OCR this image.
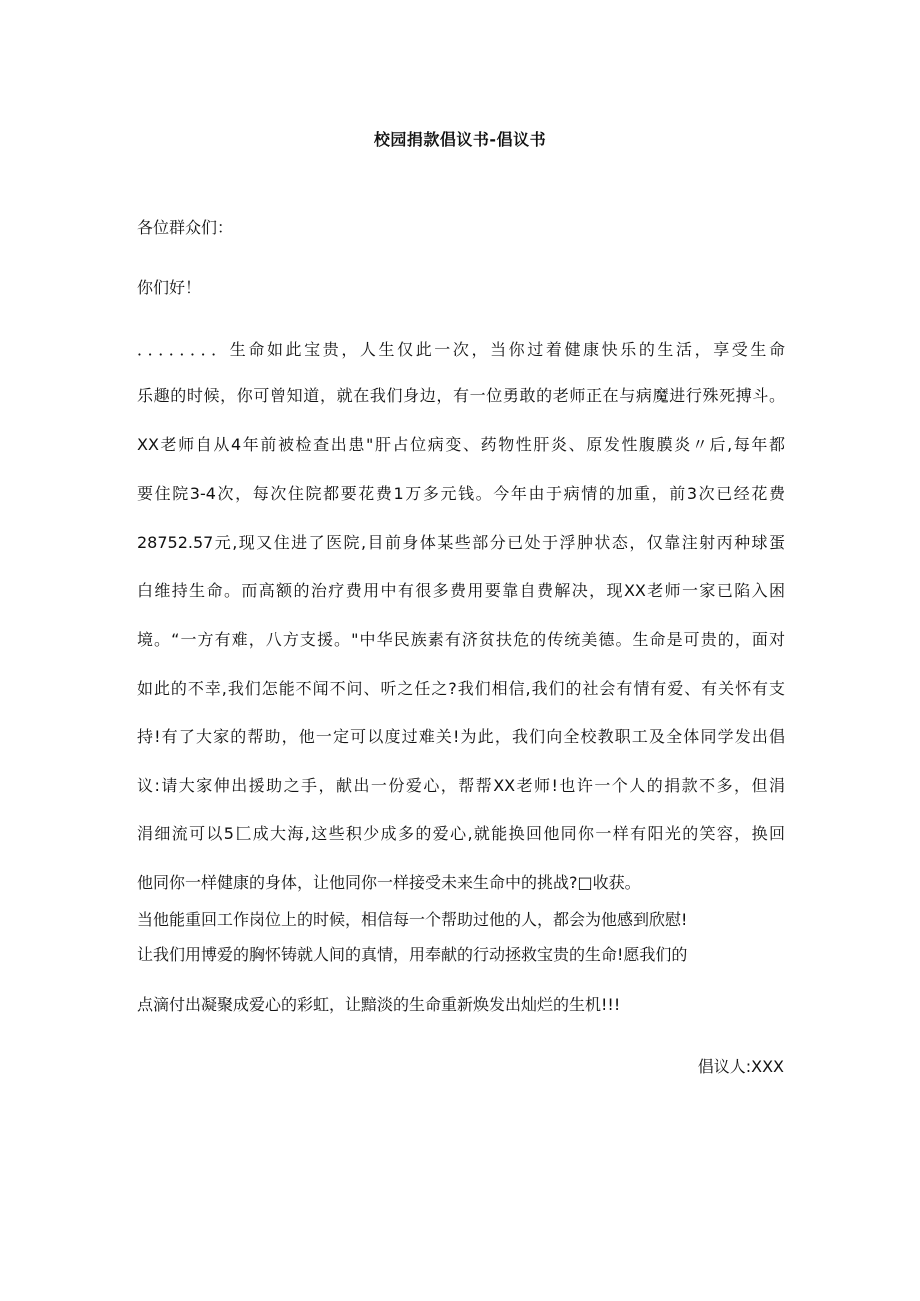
校园捐款倡议书-倡议书
各位群众们：
你们好！
．．．．．．．．生命如此宝贵，人生仅此一次，当你过着健康快乐的生活，享受生命
乐趣的时候，你可曾知道，就在我们身边，有一位勇敢的老师正在与病魔进行殊死搏斗。
XX老师自从4年前被检查出患"肝占位病变、药物性肝炎、原发性腹膜炎〃后,每年都
要住院3-4次，每次住院都要花费1万多元钱。今年由于病情的加重，前3次已经花费
28752.57元,现又住进了医院,目前身体某些部分已处于浮肿状态，仅靠注射丙种球蛋
白维持生命。而高额的治疗费用中有很多费用要靠自费解决，现XX老师一家已陷入困
境。“一方有难，八方支援。"中华民族素有济贫扶危的传统美德。生命是可贵的，面对
如此的不幸,我们怎能不闻不问、听之任之?我们相信,我们的社会有情有爱、有关怀有支
持!有了大家的帮助，他一定可以度过难关!为此，我们向全校教职工及全体同学发出倡
议:请大家伸出援助之手，献出一份爱心，帮帮XX老师!也许一个人的捐款不多，但涓
涓细流可以5匚成大海,这些积少成多的爱心,就能换回他同你一样有阳光的笑容，换回
他同你一样健康的身体，让他同你一样接受未来生命中的挑战?□收获。
当他能重回工作岗位上的时候，相信每一个帮助过他的人，都会为他感到欣慰!
让我们用博爱的胸怀铸就人间的真情，用奉献的行动拯救宝贵的生命!愿我们的
点滴付出凝聚成爱心的彩虹，让黯淡的生命重新焕发出灿烂的生机!!!
倡议人:XXX
